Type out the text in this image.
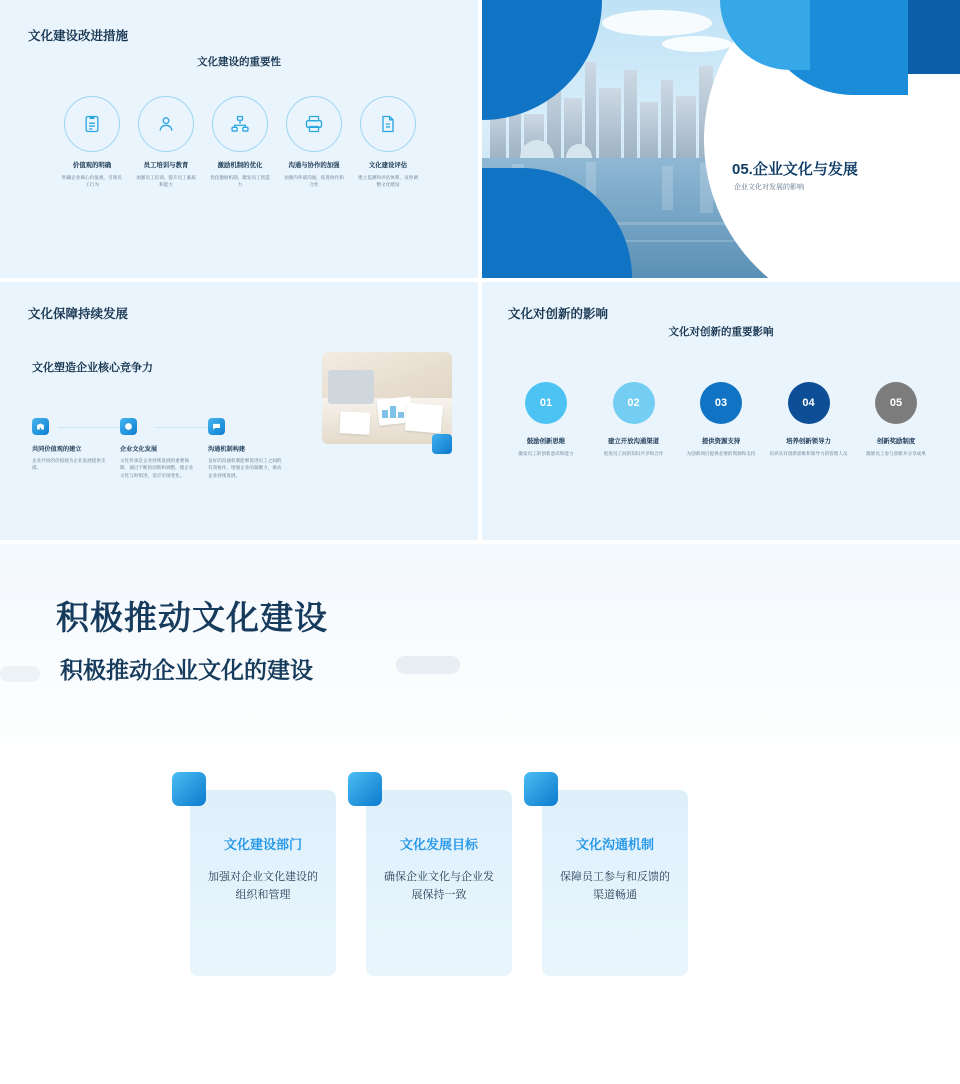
文化建设改进措施
文化建设的重要性
价值观的明确
明确企业核心价值观，引领员工行为
员工培训与教育
加强员工培训，提升员工素质和能力
激励机制的优化
优化激励机制，激发员工创造力
沟通与协作的加强
加强内外部沟通，促进协作和合作
文化建设评估
建立监测和评估体系，及时调整文化建设
05.企业文化与发展
企业文化对发展的影响
文化保障持续发展
文化塑造企业核心竞争力
共同价值观的建立
企业共同的价值观为企业发展提供支撑。
企业文化发展
文化传承是企业持续发展的重要保障，通过不断的创新和调整，使企业文化与时俱进，适应市场变化。
沟通机制构建
良好的沟通机制能够促进员工之间的有效协作，增强企业的凝聚力，推动企业持续发展。
文化对创新的影响
文化对创新的重要影响
01
鼓励创新思维
激发员工的创新意识和能力
02
建立开放沟通渠道
促进员工间的知识共享和合作
03
提供资源支持
为创新项目提供必要的资源和支持
04
培养创新领导力
培养具有创新思维和领导力的管理人员
05
创新奖励制度
激励员工参与创新并分享成果
积极推动文化建设
积极推动企业文化的建设
文化建设部门
加强对企业文化建设的组织和管理
文化发展目标
确保企业文化与企业发展保持一致
文化沟通机制
保障员工参与和反馈的渠道畅通
